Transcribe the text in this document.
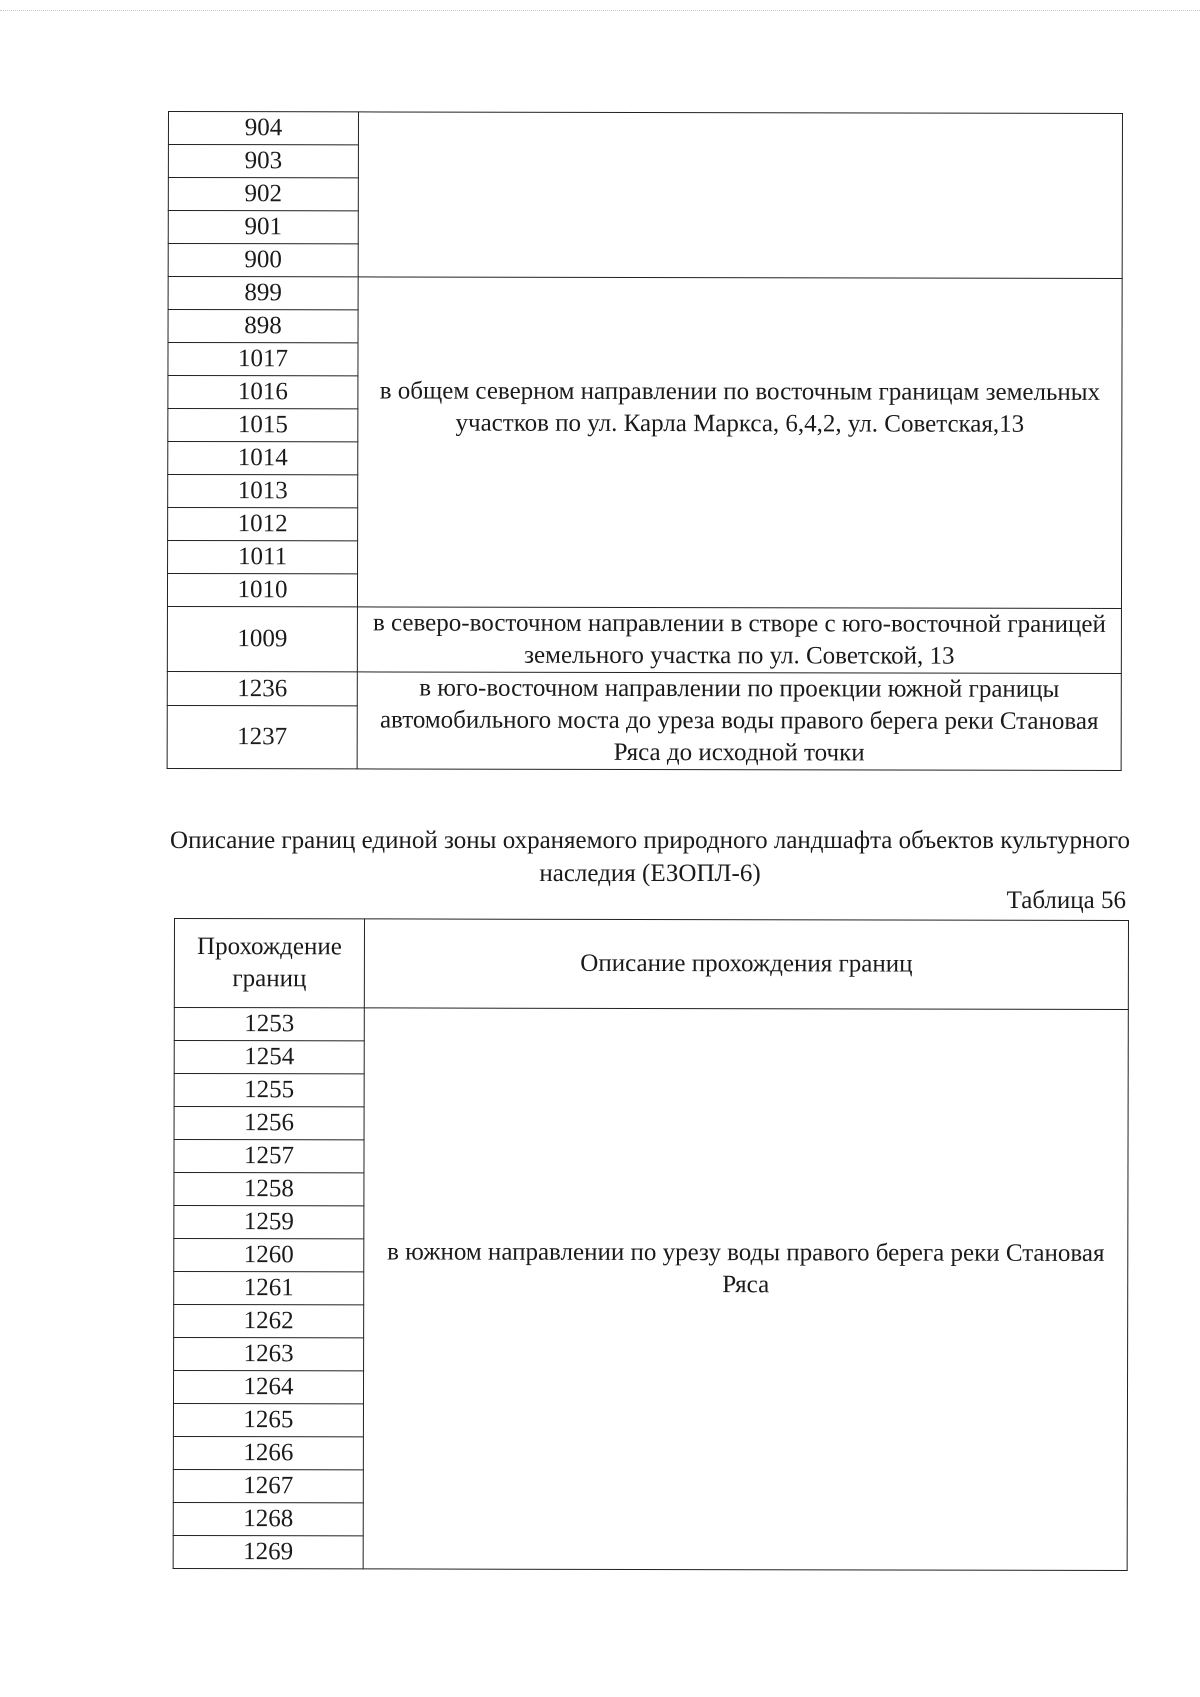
904	
903	
902	
901	
900	
899	в общем северном направлении по восточным границам земельных участков по ул. Карла Маркса, 6,4,2, ул. Советская,13
898	
1017	
1016	
1015	
1014	
1013	
1012	
1011	
1010	
1009	в северо-восточном направлении в створе с юго-восточной границей земельного участка по ул. Советской, 13
1236	в юго-восточном направлении по проекции южной границы автомобильного моста до уреза воды правого берега реки Становая Ряса до исходной точки
1237	
Описание границ единой зоны охраняемого природного ландшафта объектов культурного наследия (ЕЗОПЛ-6)
Таблица 56
Прохождение границ	Описание прохождения границ
1253	в южном направлении по урезу воды правого берега реки Становая Ряса
1254	
1255	
1256	
1257	
1258	
1259	
1260	
1261	
1262	
1263	
1264	
1265	
1266	
1267	
1268	
1269	
